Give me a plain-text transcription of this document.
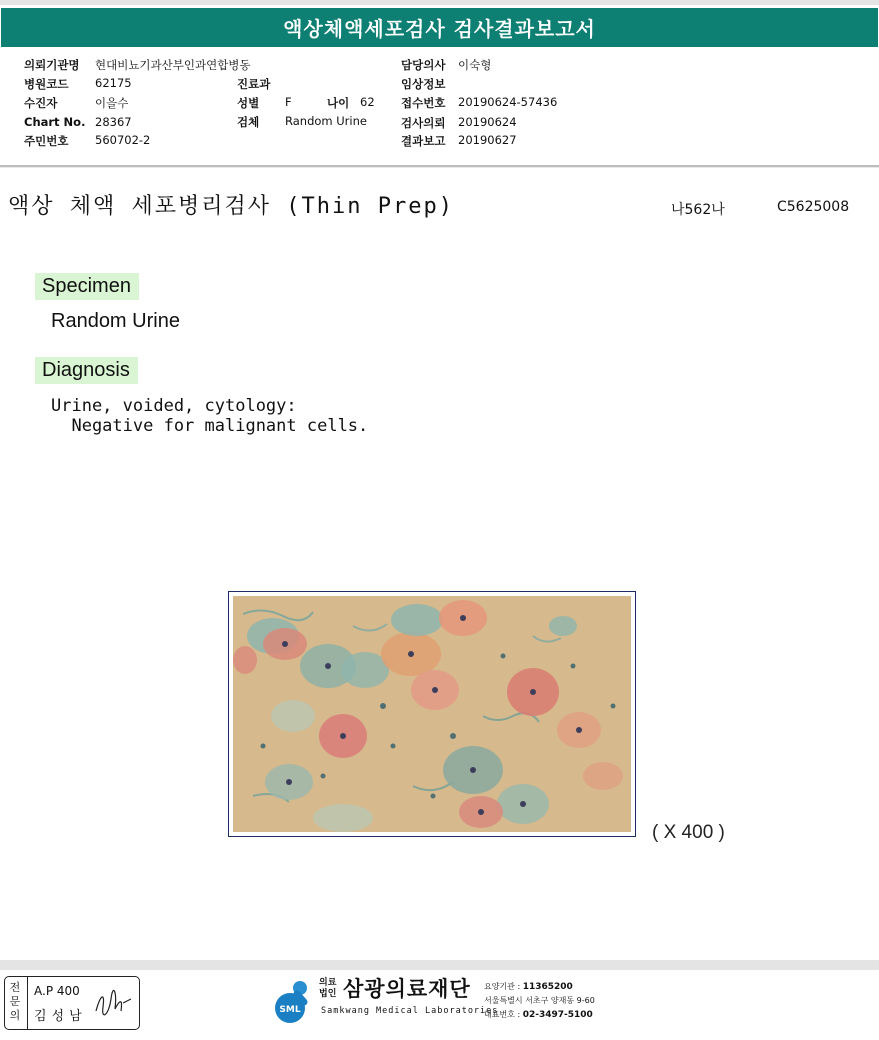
액상체액세포검사 검사결과보고서
의뢰기관명 현대비뇨기과산부인과연합병동	담당의사 이숙형
병원코드 62175	진료과	임상정보
수진자	이을수	성별 F	나이 62 접수번호 20190624-57436
Chart No. 28367	검체 Random Urine	검사의뢰 20190624
주민번호 560702-2	결과보고 20190627
액상 체액 세포병리검사 (Thin Prep)	나562나	C5625008
Specimen
Random Urine
Diagnosis
Urine, voided, cytology:
Negative for malignant cells.
( X 400 )
전
문
의
A.P 400
김성남	SML
의료법인 삼광의료재단
Samkwang Medical Laboratories
요양기관 : 11365200
서울특별시 서초구 양재동 9-60
대표번호 : 02-3497-5100
